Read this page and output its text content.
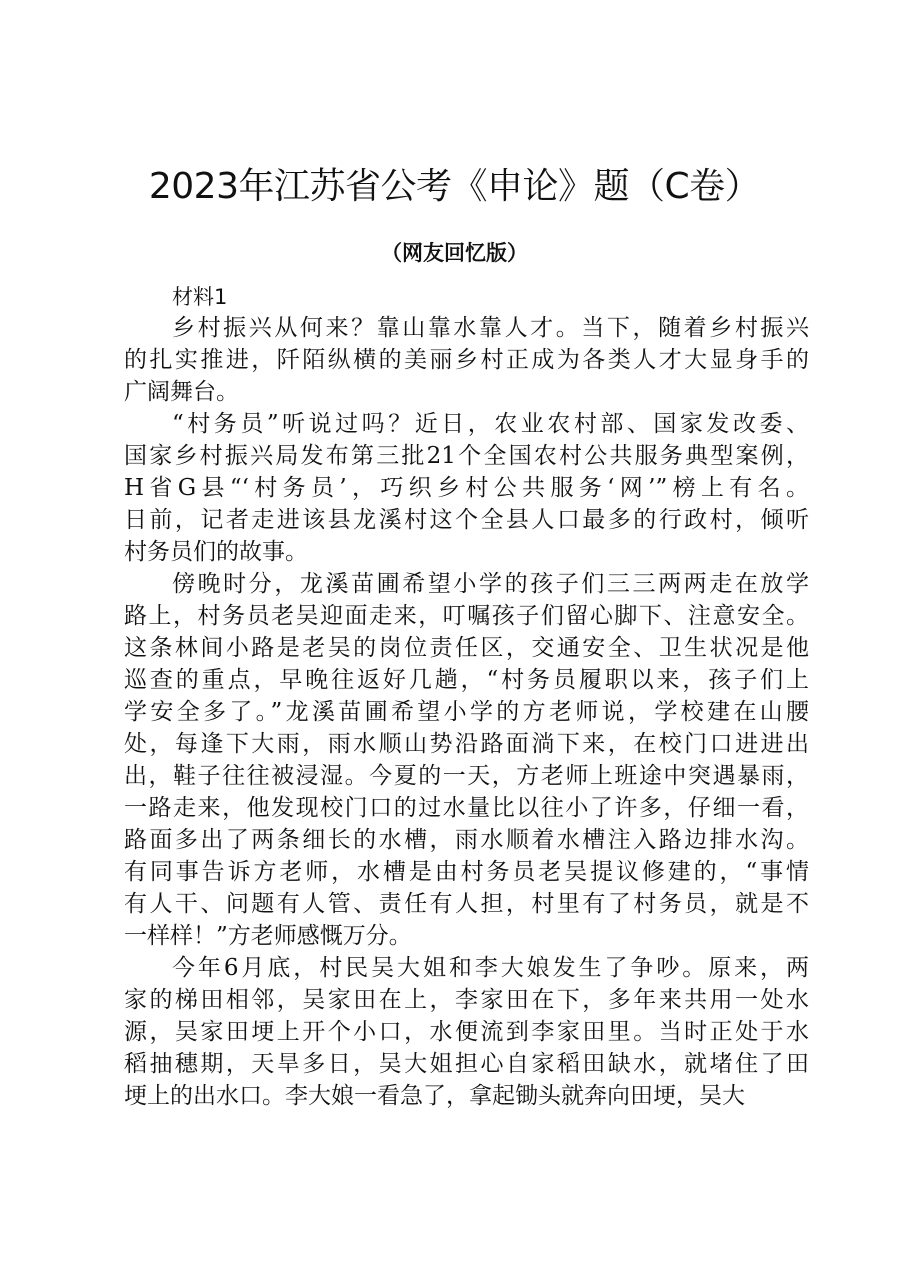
2023年江苏省公考《申论》题（C卷）
（网友回忆版）
材料1

乡村振兴从何来？靠山靠水靠人才。当下，随着乡村振兴
的扎实推进，阡陌纵横的美丽乡村正成为各类人才大显身手的
广阔舞台。

“村务员”听说过吗？近日，农业农村部、国家发改委、
国家乡村振兴局发布第三批21个全国农村公共服务典型案例，
H省G县“‘村务员’，巧织乡村公共服务‘网’”榜上有名。
日前，记者走进该县龙溪村这个全县人口最多的行政村，倾听
村务员们的故事。

傍晚时分，龙溪苗圃希望小学的孩子们三三两两走在放学
路上，村务员老吴迎面走来，叮嘱孩子们留心脚下、注意安全。
这条林间小路是老吴的岗位责任区，交通安全、卫生状况是他
巡查的重点，早晚往返好几趟，“村务员履职以来，孩子们上
学安全多了。”龙溪苗圃希望小学的方老师说，学校建在山腰
处，每逢下大雨，雨水顺山势沿路面淌下来，在校门口进进出
出，鞋子往往被浸湿。今夏的一天，方老师上班途中突遇暴雨，
一路走来，他发现校门口的过水量比以往小了许多，仔细一看，
路面多出了两条细长的水槽，雨水顺着水槽注入路边排水沟。
有同事告诉方老师，水槽是由村务员老吴提议修建的，“事情
有人干、问题有人管、责任有人担，村里有了村务员，就是不
一样样！”方老师感慨万分。

今年6月底，村民吴大姐和李大娘发生了争吵。原来，两
家的梯田相邻，吴家田在上，李家田在下，多年来共用一处水
源，吴家田埂上开个小口，水便流到李家田里。当时正处于水
稻抽穗期，天旱多日，吴大姐担心自家稻田缺水，就堵住了田
埂上的出水口。李大娘一看急了，拿起锄头就奔向田埂，吴大
